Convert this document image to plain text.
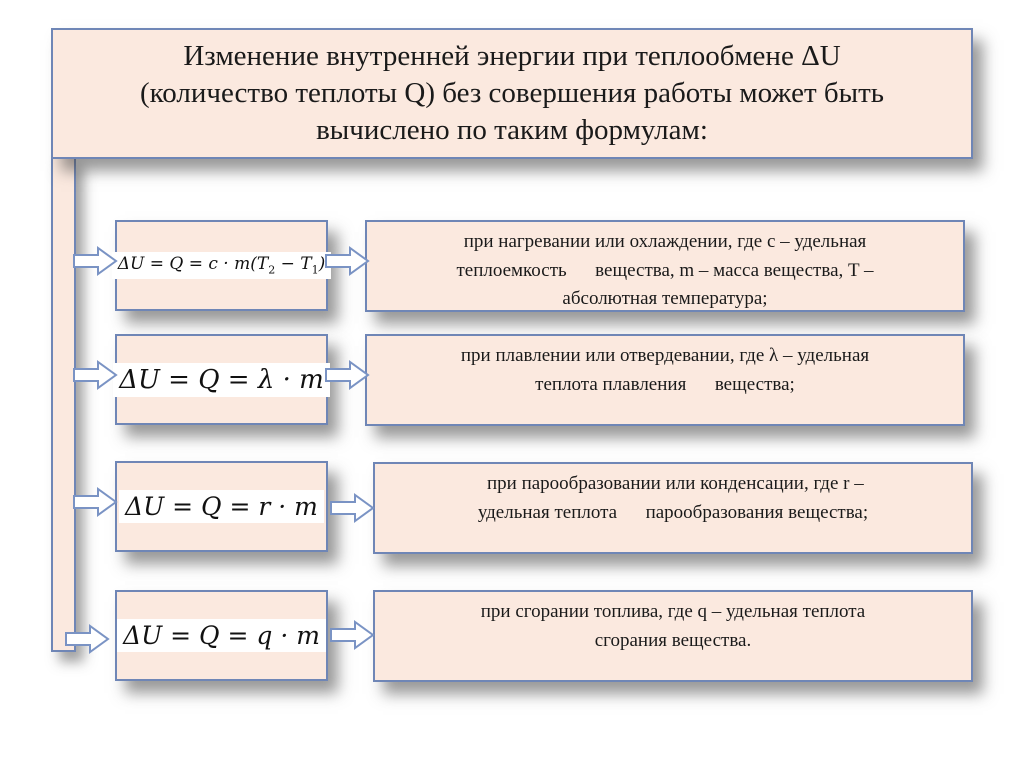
Изменение внутренней энергии при теплообмене ΔU
(количество теплоты Q) без совершения работы может быть
вычислено по таким формулам:
$\Delta U = Q = c \cdot m(T_2 - T_1)$
при нагревании или охлаждении, где c – удельная
теплоемкость      вещества, m – масса вещества, T –
абсолютная температура;
ΔU = Q = λ · m
при плавлении или отвердевании, где λ – удельная
теплота плавления      вещества;
ΔU = Q = r · m
при парообразовании или конденсации, где r –
удельная теплота      парообразования вещества;
ΔU = Q = q · m
при сгорании топлива, где q – удельная теплота
сгорания вещества.
